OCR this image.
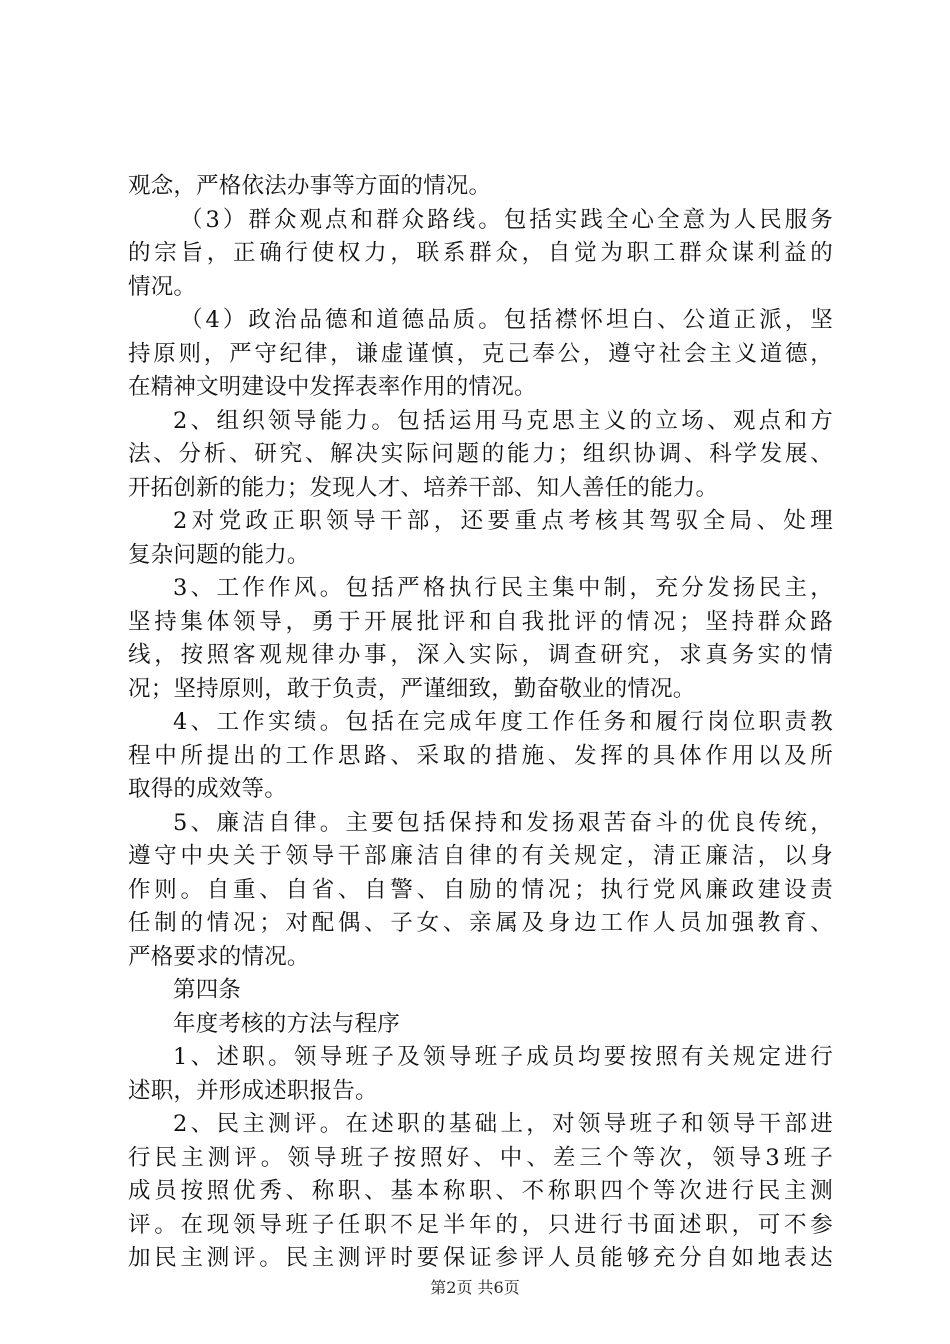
观念，严格依法办事等方面的情况。
（3）群众观点和群众路线。包括实践全心全意为人民服务
的宗旨，正确行使权力，联系群众，自觉为职工群众谋利益的
情况。
（4）政治品德和道德品质。包括襟怀坦白、公道正派，坚
持原则，严守纪律，谦虚谨慎，克己奉公，遵守社会主义道德，
在精神文明建设中发挥表率作用的情况。
2、组织领导能力。包括运用马克思主义的立场、观点和方
法、分析、研究、解决实际问题的能力；组织协调、科学发展、
开拓创新的能力；发现人才、培养干部、知人善任的能力。
2对党政正职领导干部，还要重点考核其驾驭全局、处理
复杂问题的能力。
3、工作作风。包括严格执行民主集中制，充分发扬民主，
坚持集体领导，勇于开展批评和自我批评的情况；坚持群众路
线，按照客观规律办事，深入实际，调查研究，求真务实的情
况；坚持原则，敢于负责，严谨细致，勤奋敬业的情况。
4、工作实绩。包括在完成年度工作任务和履行岗位职责教
程中所提出的工作思路、采取的措施、发挥的具体作用以及所
取得的成效等。
5、廉洁自律。主要包括保持和发扬艰苦奋斗的优良传统，
遵守中央关于领导干部廉洁自律的有关规定，清正廉洁，以身
作则。自重、自省、自警、自励的情况；执行党风廉政建设责
任制的情况；对配偶、子女、亲属及身边工作人员加强教育、
严格要求的情况。
第四条
年度考核的方法与程序
1、述职。领导班子及领导班子成员均要按照有关规定进行
述职，并形成述职报告。
2、民主测评。在述职的基础上，对领导班子和领导干部进
行民主测评。领导班子按照好、中、差三个等次，领导3班子
成员按照优秀、称职、基本称职、不称职四个等次进行民主测
评。在现领导班子任职不足半年的，只进行书面述职，可不参
加民主测评。民主测评时要保证参评人员能够充分自如地表达
第2页 共6页
